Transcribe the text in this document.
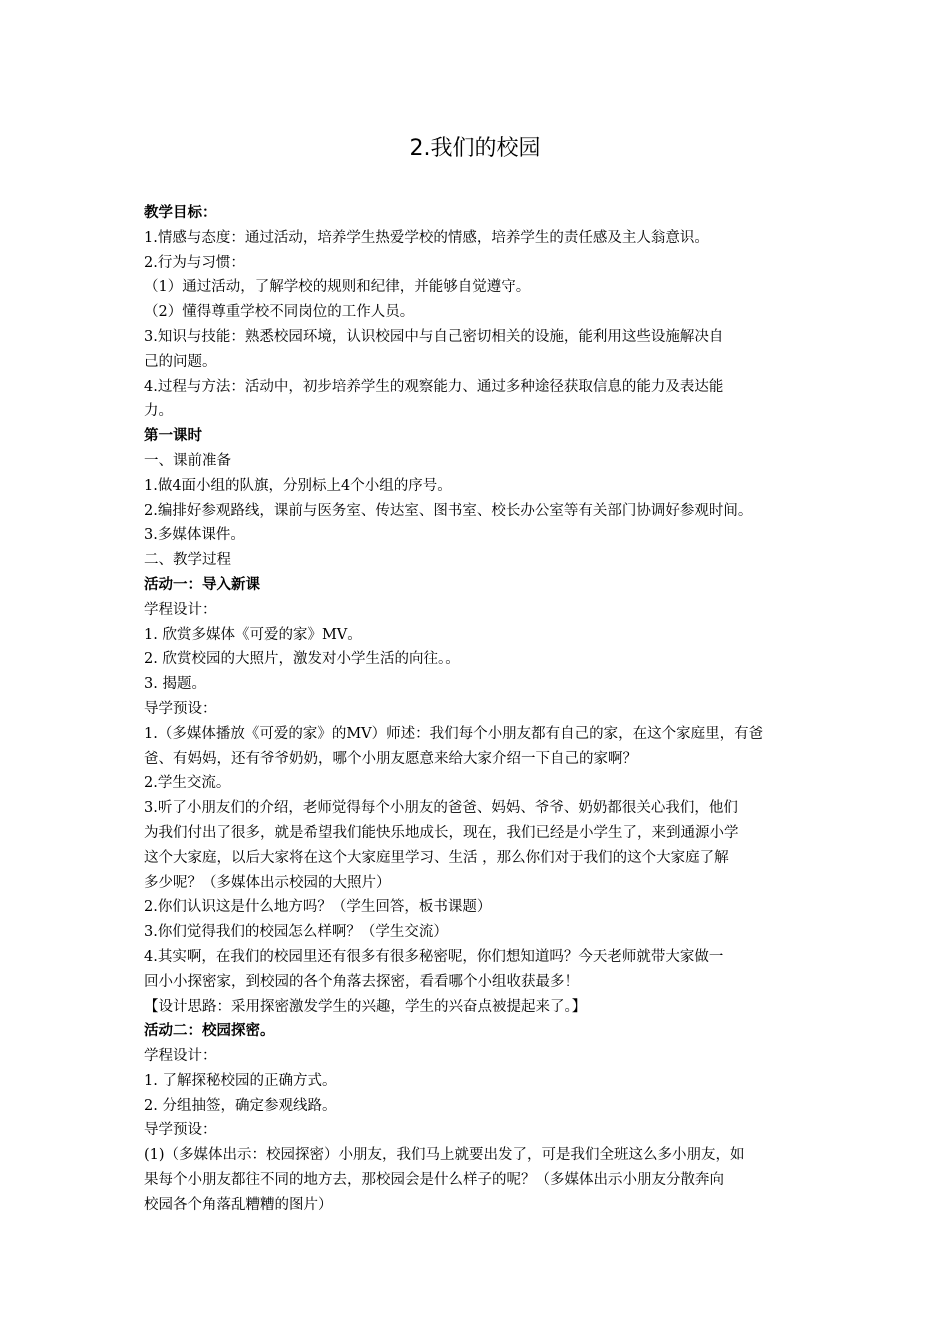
2.我们的校园
教学目标：
1.情感与态度：通过活动，培养学生热爱学校的情感，培养学生的责任感及主人翁意识。
2.行为与习惯：
（1）通过活动，了解学校的规则和纪律，并能够自觉遵守。
（2）懂得尊重学校不同岗位的工作人员。
3.知识与技能：熟悉校园环境，认识校园中与自己密切相关的设施，能利用这些设施解决自
己的问题。
4.过程与方法：活动中，初步培养学生的观察能力、通过多种途径获取信息的能力及表达能
力。
第一课时
一、课前准备
1.做4面小组的队旗，分别标上4个小组的序号。
2.编排好参观路线，课前与医务室、传达室、图书室、校长办公室等有关部门协调好参观时间。
3.多媒体课件。
二、教学过程
活动一：导入新课
学程设计：
1. 欣赏多媒体《可爱的家》MV。
2. 欣赏校园的大照片，激发对小学生活的向往。。
3. 揭题。
导学预设：
1.（多媒体播放《可爱的家》的MV）师述：我们每个小朋友都有自己的家，在这个家庭里，有爸
爸、有妈妈，还有爷爷奶奶，哪个小朋友愿意来给大家介绍一下自己的家啊？
2.学生交流。
3.听了小朋友们的介绍，老师觉得每个小朋友的爸爸、妈妈、爷爷、奶奶都很关心我们，他们
为我们付出了很多，就是希望我们能快乐地成长，现在，我们已经是小学生了，来到通源小学
这个大家庭，以后大家将在这个大家庭里学习、生活 ，那么你们对于我们的这个大家庭了解
多少呢？（多媒体出示校园的大照片）
2.你们认识这是什么地方吗？（学生回答，板书课题）
3.你们觉得我们的校园怎么样啊？（学生交流）
4.其实啊，在我们的校园里还有很多有很多秘密呢，你们想知道吗？今天老师就带大家做一
回小小探密家，到校园的各个角落去探密，看看哪个小组收获最多！
【设计思路：采用探密激发学生的兴趣，学生的兴奋点被提起来了。】
活动二：校园探密。
学程设计：
1. 了解探秘校园的正确方式。
2. 分组抽签，确定参观线路。
导学预设：
(1)（多媒体出示：校园探密）小朋友，我们马上就要出发了，可是我们全班这么多小朋友，如
果每个小朋友都往不同的地方去，那校园会是什么样子的呢？（多媒体出示小朋友分散奔向
校园各个角落乱糟糟的图片）
